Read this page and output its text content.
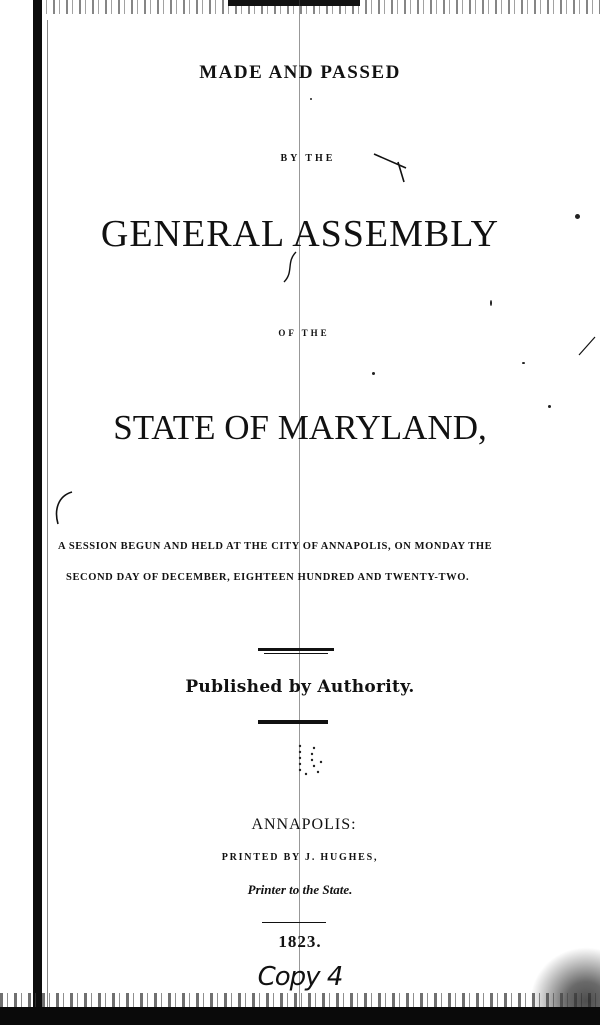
MADE AND PASSED
BY THE
GENERAL ASSEMBLY
OF THE
STATE OF MARYLAND,
A SESSION BEGUN AND HELD AT THE CITY OF ANNAPOLIS, ON MONDAY THE
SECOND DAY OF DECEMBER, EIGHTEEN HUNDRED AND TWENTY-TWO.
Published by Authority.
ANNAPOLIS:
PRINTED BY J. HUGHES,
Printer to the State.
1823.
Copy 4
